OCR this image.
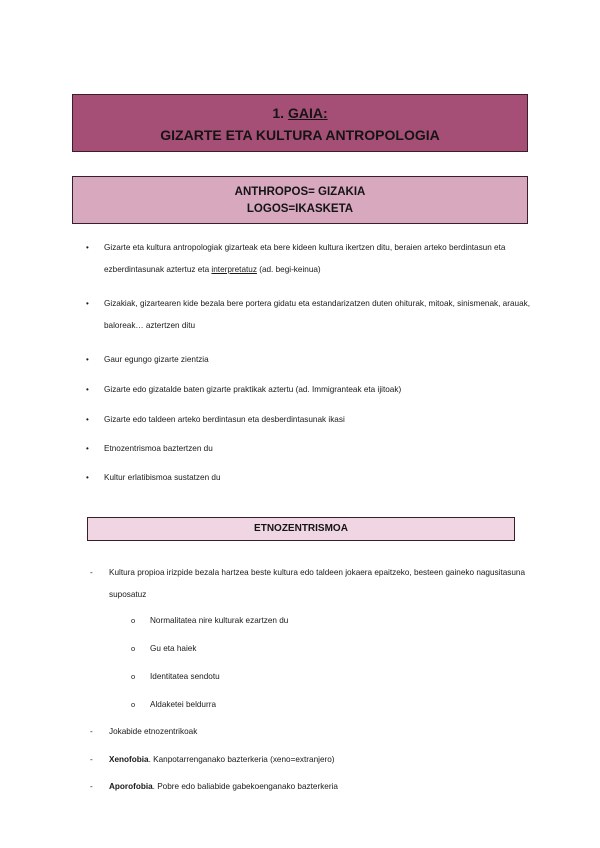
1. GAIA:
GIZARTE ETA KULTURA ANTROPOLOGIA
ANTHROPOS= GIZAKIA
LOGOS=IKASKETA
• Gizarte eta kultura antropologiak gizarteak eta bere kideen kultura ikertzen ditu, beraien arteko berdintasun eta ezberdintasunak aztertuz eta interpretatuz (ad. begi-keinua)
• Gizakiak, gizartearen kide bezala bere portera gidatu eta estandarizatzen duten ohiturak, mitoak, sinismenak, arauak, baloreak… aztertzen ditu
• Gaur egungo gizarte zientzia
• Gizarte edo gizatalde baten gizarte praktikak aztertu (ad. Immigranteak eta ijitoak)
• Gizarte edo taldeen arteko berdintasun eta desberdintasunak ikasi
• Etnozentrismoa baztertzen du
• Kultur erlatibismoa sustatzen du
ETNOZENTRISMOA
- Kultura propioa irizpide bezala hartzea beste kultura edo taldeen jokaera epaitzeko, besteen gaineko nagusitasuna suposatuz
o Normalitatea nire kulturak ezartzen du
o Gu eta haiek
o Identitatea sendotu
o Aldaketei beldurra
- Jokabide etnozentrikoak
- Xenofobia. Kanpotarrenganako bazterkeria (xeno=extranjero)
- Aporofobia. Pobre edo baliabide gabekoenganako bazterkeria
